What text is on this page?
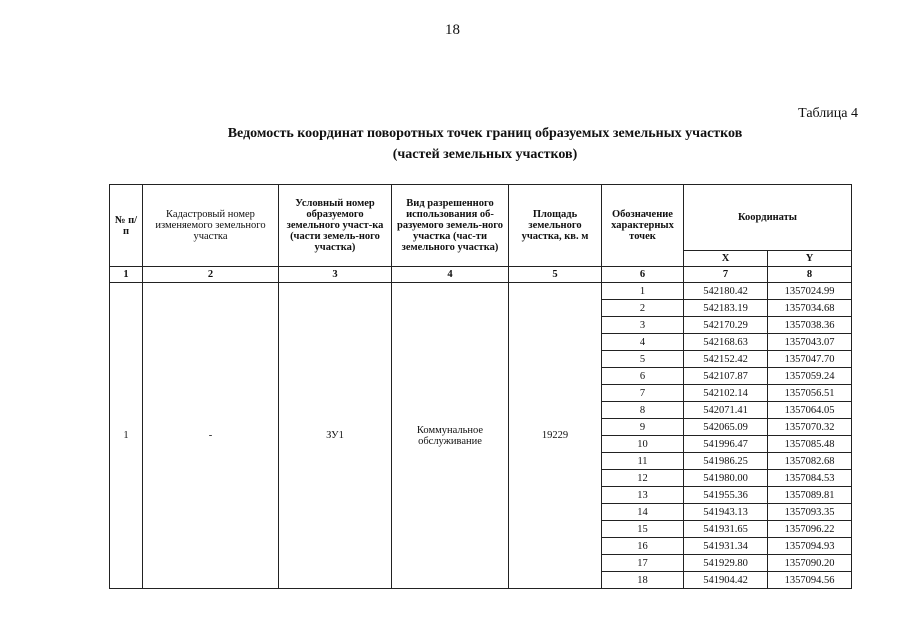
18
Таблица 4
Ведомость координат поворотных точек границ образуемых земельных участков
(частей земельных участков)
№ п/п	Кадастровый номер изменяемого земельного участка	Условный номер образуемого земельного участ-ка (части земель-ного участка)	Вид разрешенного использования об-разуемого земель-ного участка (час-ти земельного участка)	Площадь земельного участка, кв. м	Обозначение характерных точек	Координаты	
						X	Y
1	2	3	4	5	6	7	8
1	-	ЗУ1	Коммунальное обслуживание	19229	1	542180.42	1357024.99
					2	542183.19	1357034.68
					3	542170.29	1357038.36
					4	542168.63	1357043.07
					5	542152.42	1357047.70
					6	542107.87	1357059.24
					7	542102.14	1357056.51
					8	542071.41	1357064.05
					9	542065.09	1357070.32
					10	541996.47	1357085.48
					11	541986.25	1357082.68
					12	541980.00	1357084.53
					13	541955.36	1357089.81
					14	541943.13	1357093.35
					15	541931.65	1357096.22
					16	541931.34	1357094.93
					17	541929.80	1357090.20
					18	541904.42	1357094.56
